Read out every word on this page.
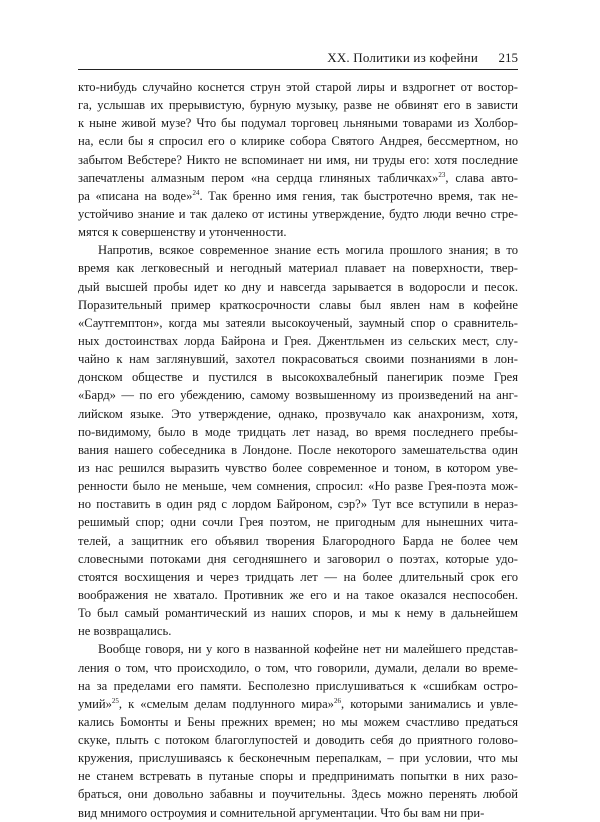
XX. Политики из кофейни 215
кто-нибудь случайно коснется струн этой старой лиры и вздрогнет от востор-
га, услышав их прерывистую, бурную музыку, разве не обвинят его в зависти
к ныне живой музе? Что бы подумал торговец льняными товарами из Холбор-
на, если бы я спросил его о клирике собора Святого Андрея, бессмертном, но
забытом Вебстере? Никто не вспоминает ни имя, ни труды его: хотя последние
запечатлены алмазным пером «на сердца глиняных табличках»$^{23}$, слава авто-
ра «писана на воде»$^{24}$. Так бренно имя гения, так быстротечно время, так не-
устойчиво знание и так далеко от истины утверждение, будто люди вечно стре-
мятся к совершенству и утонченности.
Напротив, всякое современное знание есть могила прошлого знания; в то
время как легковесный и негодный материал плавает на поверхности, твер-
дый высшей пробы идет ко дну и навсегда зарывается в водоросли и песок.
Поразительный пример краткосрочности славы был явлен нам в кофейне
«Саутгемптон», когда мы затеяли высокоученый, заумный спор о сравнитель-
ных достоинствах лорда Байрона и Грея. Джентльмен из сельских мест, слу-
чайно к нам заглянувший, захотел покрасоваться своими познаниями в лон-
донском обществе и пустился в высокохвалебный панегирик поэме Грея
«Бард» — по его убеждению, самому возвышенному из произведений на анг-
лийском языке. Это утверждение, однако, прозвучало как анахронизм, хотя,
по-видимому, было в моде тридцать лет назад, во время последнего пребы-
вания нашего собеседника в Лондоне. После некоторого замешательства один
из нас решился выразить чувство более современное и тоном, в котором уве-
ренности было не меньше, чем сомнения, спросил: «Но разве Грея-поэта мож-
но поставить в один ряд с лордом Байроном, сэр?» Тут все вступили в нераз-
решимый спор; одни сочли Грея поэтом, не пригодным для нынешних чита-
телей, а защитник его объявил творения Благородного Барда не более чем
словесными потоками дня сегодняшнего и заговорил о поэтах, которые удо-
стоятся восхищения и через тридцать лет — на более длительный срок его
воображения не хватало. Противник же его и на такое оказался неспособен.
То был самый романтический из наших споров, и мы к нему в дальнейшем
не возвращались.
Вообще говоря, ни у кого в названной кофейне нет ни малейшего представ-
ления о том, что происходило, о том, что говорили, думали, делали во време-
на за пределами его памяти. Бесполезно прислушиваться к «сшибкам остро-
умий»$^{25}$, к «смелым делам подлунного мира»$^{26}$, которыми занимались и увле-
кались Бомонты и Бены прежних времен; но мы можем счастливо предаться
скуке, плыть с потоком благоглупостей и доводить себя до приятного голово-
кружения, прислушиваясь к бесконечным перепалкам, – при условии, что мы
не станем встревать в путаные споры и предпринимать попытки в них разо-
браться, они довольно забавны и поучительны. Здесь можно перенять любой
вид мнимого остроумия и сомнительной аргументации. Что бы вам ни при-
